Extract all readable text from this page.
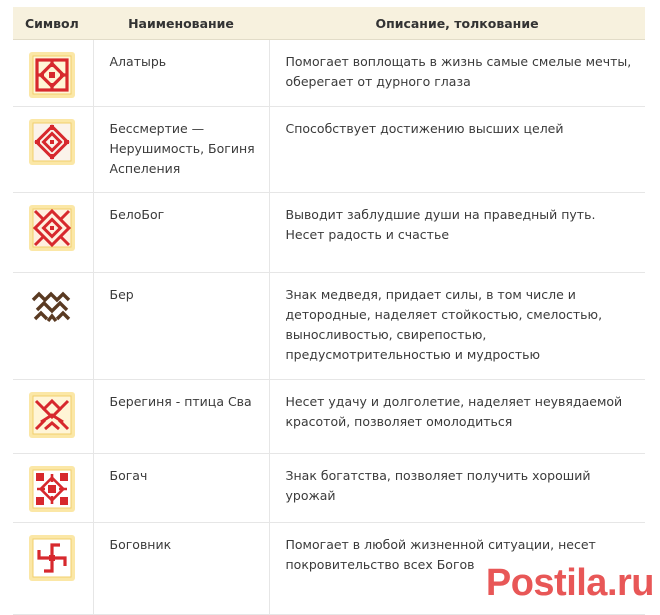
Символ	Наименование	Описание, толкование

	Алатырь	Помогает воплощать в жизнь самые смелые мечты, оберегает от дурного глаза

	Бессмертие — Нерушимость, Богиня Аспеления	Способствует достижению высших целей

	БелоБог	Выводит заблудшие души на праведный путь. Несет радость и счастье

	Бер	Знак медведя, придает силы, в том числе и детородные, наделяет стойкостью, смелостью, выносливостью, свирепостью, предусмотрительностью и мудростью

	Берегиня - птица Сва	Несет удачу и долголетие, наделяет неувядаемой красотой, позволяет омолодиться

	Богач	Знак богатства, позволяет получить хороший урожай

	Боговник	Помогает в любой жизненной ситуации, несет покровительство всех Богов Postila.ru
